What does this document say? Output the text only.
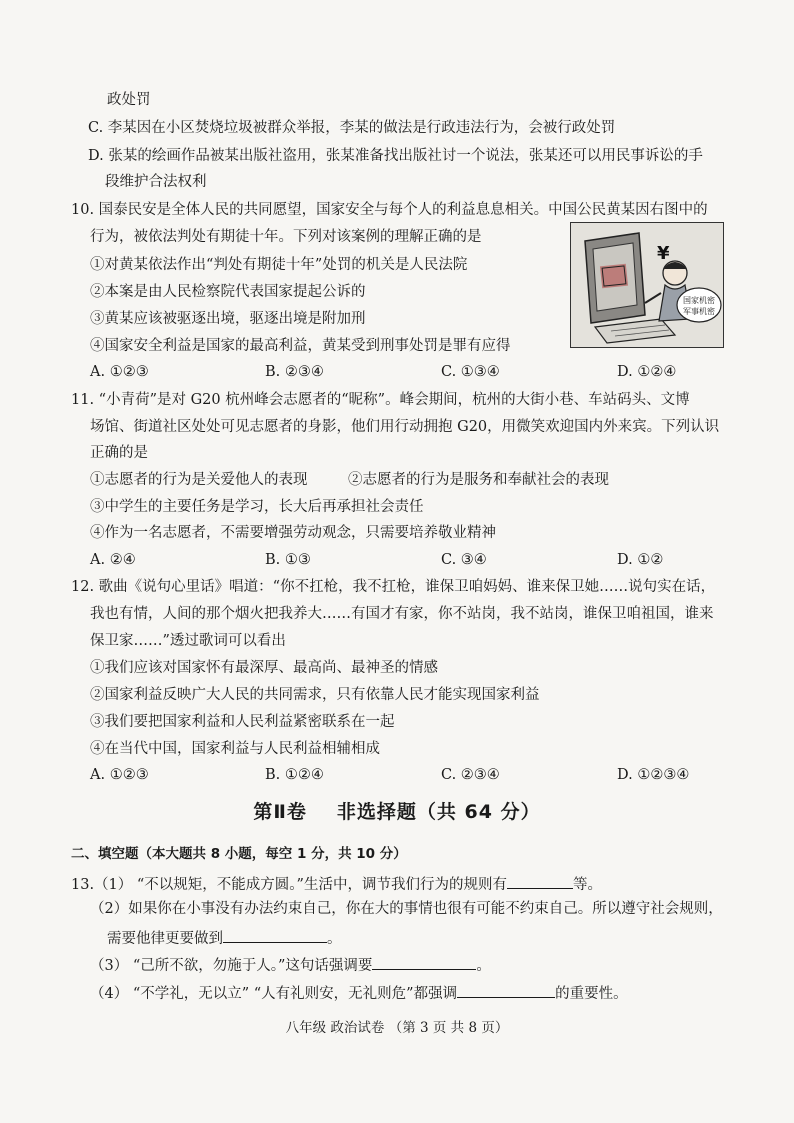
政处罚
C. 李某因在小区焚烧垃圾被群众举报，李某的做法是行政违法行为，会被行政处罚
D. 张某的绘画作品被某出版社盗用，张某准备找出版社讨一个说法，张某还可以用民事诉讼的手
段维护合法权利
10. 国泰民安是全体人民的共同愿望，国家安全与每个人的利益息息相关。中国公民黄某因右图中的
行为，被依法判处有期徒十年。下列对该案例的理解正确的是
①对黄某依法作出“判处有期徒十年”处罚的机关是人民法院
②本案是由人民检察院代表国家提起公诉的
③黄某应该被驱逐出境，驱逐出境是附加刑
④国家安全利益是国家的最高利益，黄某受到刑事处罚是罪有应得
A. ①②③	B. ②③④	C. ①③④	D. ①②④
国家机密
军事机密
¥
11. “小青荷”是对 G20 杭州峰会志愿者的“昵称”。峰会期间，杭州的大街小巷、车站码头、文博
场馆、街道社区处处可见志愿者的身影，他们用行动拥抱 G20，用微笑欢迎国内外来宾。下列认识
正确的是
①志愿者的行为是关爱他人的表现	②志愿者的行为是服务和奉献社会的表现
③中学生的主要任务是学习，长大后再承担社会责任
④作为一名志愿者，不需要增强劳动观念，只需要培养敬业精神
A. ②④	B. ①③	C. ③④	D. ①②
12. 歌曲《说句心里话》唱道：“你不扛枪，我不扛枪，谁保卫咱妈妈、谁来保卫她……说句实在话，
我也有情，人间的那个烟火把我养大……有国才有家，你不站岗，我不站岗，谁保卫咱祖国，谁来
保卫家……”透过歌词可以看出
①我们应该对国家怀有最深厚、最高尚、最神圣的情感
②国家利益反映广大人民的共同需求，只有依靠人民才能实现国家利益
③我们要把国家利益和人民利益紧密联系在一起
④在当代中国，国家利益与人民利益相辅相成
A. ①②③	B. ①②④	C. ②③④	D. ①②③④
第Ⅱ卷 非选择题（共 64 分）
二、填空题（本大题共 8 小题，每空 1 分，共 10 分）
13.（1） “不以规矩，不能成方圆。”生活中，调节我们行为的规则有	等。
（2）如果你在小事没有办法约束自己，你在大的事情也很有可能不约束自己。所以遵守社会规则，
需要他律更要做到	。
（3） “己所不欲，勿施于人。”这句话强调要	。
（4） “不学礼，无以立” “人有礼则安，无礼则危”都强调	的重要性。
八年级 政治试卷 （第 3 页 共 8 页）
